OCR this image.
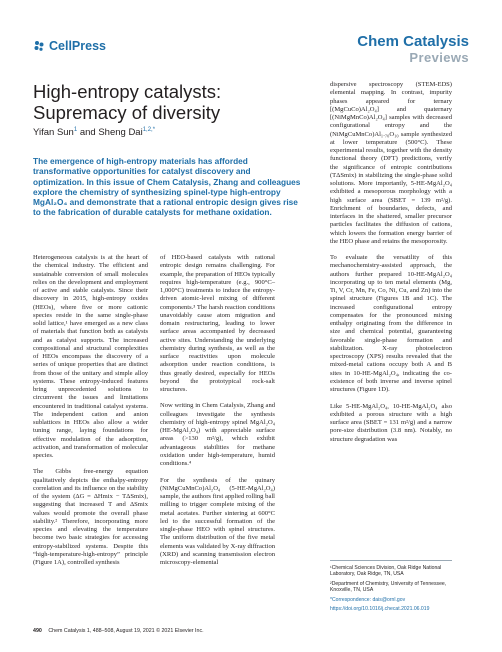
CellPress	Chem Catalysis
Previews
High-entropy catalysts: Supremacy of diversity
Yifan Sun$^1$ and Sheng Dai$^{1,2,*}$
The emergence of high-entropy materials has afforded transformative opportunities for catalyst discovery and optimization. In this issue of Chem Catalysis, Zhang and colleagues explore the chemistry of synthesizing spinel-type high-entropy MgAl₂O₄ and demonstrate that a rational entropic design gives rise to the fabrication of durable catalysts for methane oxidation.

Heterogeneous catalysis is at the heart of the chemical industry. The efficient and sustainable conversion of small molecules relies on the development and employment of active and stable catalysts. Since their discovery in 2015, high-entropy oxides (HEOs), where five or more cationic species reside in the same single-phase solid lattice,¹ have emerged as a new class of materials that function both as catalysts and as catalyst supports. The increased compositional and structural complexities of HEOs encompass the discovery of a series of unique properties that are distinct from those of the unitary and simple alloy systems. These entropy-induced features bring unprecedented solutions to circumvent the issues and limitations encountered in traditional catalyst systems. The independent cation and anion sublattices in HEOs also allow a wider tuning range, laying foundations for effective modulation of the adsorption, activation, and transformation of molecular species.

The Gibbs free-energy equation qualitatively depicts the enthalpy-entropy correlation and its influence on the stability of the system (ΔG = ΔHmix − TΔSmix), suggesting that increased T and ΔSmix values would promote the overall phase stability.² Therefore, incorporating more species and elevating the temperature become two basic strategies for accessing entropy-stabilized systems. Despite this “high-temperature-high-entropy” principle (Figure 1A), controlled synthesis

of HEO-based catalysts with rational entropic design remains challenging. For example, the preparation of HEOs typically requires high-temperature (e.g., 900°C–1,000°C) treatments to induce the entropy-driven atomic-level mixing of different components.³ The harsh reaction conditions unavoidably cause atom migration and domain restructuring, leading to lower surface areas accompanied by decreased active sites. Understanding the underlying chemistry during synthesis, as well as the surface reactivities upon molecule adsorption under reaction conditions, is thus greatly desired, especially for HEOs beyond the prototypical rock-salt structures.

Now writing in Chem Catalysis, Zhang and colleagues investigate the synthesis chemistry of high-entropy spinel MgAl₂O₄ (HE-MgAl₂O₄) with appreciable surface areas (>130 m²/g), which exhibit advantageous stabilities for methane oxidation under high-temperature, humid conditions.⁴

For the synthesis of the quinary (NiMgCuMnCo)Al₂O₄ (5-HE-MgAl₂O₄) sample, the authors first applied rolling ball milling to trigger complete mixing of the metal acetates. Further sintering at 600°C led to the successful formation of the single-phase HEO with spinel structures. The uniform distribution of the five metal elements was validated by X-ray diffraction (XRD) and scanning transmission electron microscopy-elemental

dispersive spectroscopy (STEM-EDS) elemental mapping. In contrast, impurity phases appeared for ternary [(MgCuCo)Al₂O₄] and quaternary [(NiMgMnCo)Al₂O₄] samples with decreased configurational entropy and the (NiMgCuMnCo)Al₁.₇₀O₁₀ sample synthesized at lower temperature (500°C). These experimental results, together with the density functional theory (DFT) predictions, verify the significance of entropic contributions (TΔSmix) in stabilizing the single-phase solid solutions. More importantly, 5-HE-MgAl₂O₄ exhibited a mesoporous morphology with a high surface area (SBET = 139 m²/g). Enrichment of boundaries, defects, and interfaces in the shattered, smaller precursor particles facilitates the diffusion of cations, which lowers the formation energy barrier of the HEO phase and retains the mesoporosity.

To evaluate the versatility of this mechanochemistry-assisted approach, the authors further prepared 10-HE-MgAl₂O₄ incorporating up to ten metal elements (Mg, Ti, V, Cr, Mn, Fe, Co, Ni, Cu, and Zn) into the spinel structure (Figures 1B and 1C). The increased configurational entropy compensates for the pronounced mixing enthalpy originating from the difference in size and chemical potential, guaranteeing favorable single-phase formation and stabilization. X-ray photoelectron spectroscopy (XPS) results revealed that the mixed-metal cations occupy both A and B sites in 10-HE-MgAl₂O₄, indicating the co-existence of both inverse and inverse spinel structures (Figure 1D).

Like 5-HE-MgAl₂O₄, 10-HE-MgAl₂O₄ also exhibited a porous structure with a high surface area (SBET = 131 m²/g) and a narrow pore-size distribution (3.8 nm). Notably, no structure degradation was

¹Chemical Sciences Division, Oak Ridge National Laboratory, Oak Ridge, TN, USA
²Department of Chemistry, University of Tennessee, Knoxville, TN, USA
*Correspondence: dais@ornl.gov
https://doi.org/10.1016/j.checat.2021.06.019
490 Chem Catalysis 1, 488–508, August 19, 2021 © 2021 Elsevier Inc.
